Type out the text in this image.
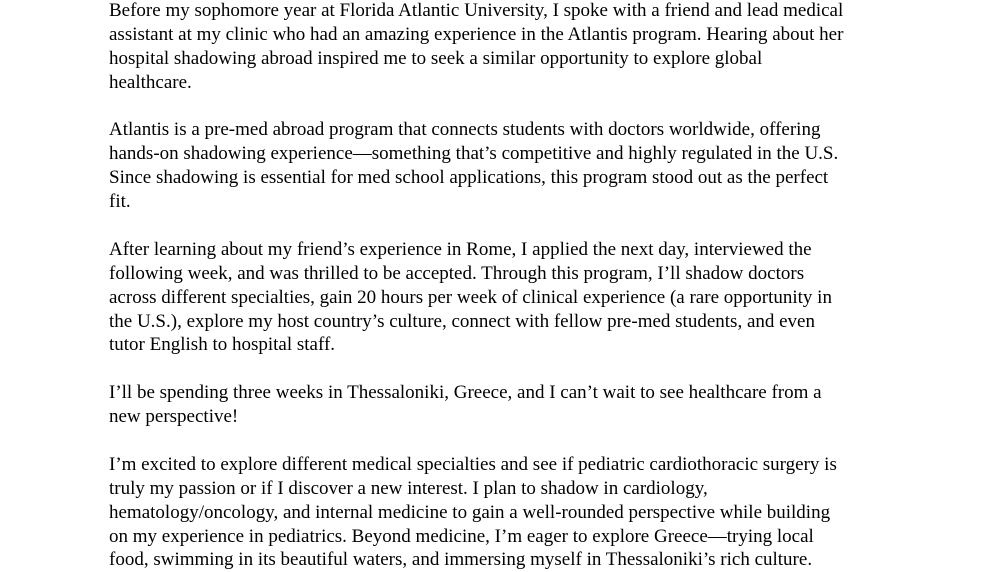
Before my sophomore year at Florida Atlantic University, I spoke with a friend and lead medical
assistant at my clinic who had an amazing experience in the Atlantis program. Hearing about her
hospital shadowing abroad inspired me to seek a similar opportunity to explore global
healthcare.

Atlantis is a pre-med abroad program that connects students with doctors worldwide, offering
hands-on shadowing experience—something that’s competitive and highly regulated in the U.S.
Since shadowing is essential for med school applications, this program stood out as the perfect
fit.

After learning about my friend’s experience in Rome, I applied the next day, interviewed the
following week, and was thrilled to be accepted. Through this program, I’ll shadow doctors
across different specialties, gain 20 hours per week of clinical experience (a rare opportunity in
the U.S.), explore my host country’s culture, connect with fellow pre-med students, and even
tutor English to hospital staff.

I’ll be spending three weeks in Thessaloniki, Greece, and I can’t wait to see healthcare from a
new perspective!

I’m excited to explore different medical specialties and see if pediatric cardiothoracic surgery is
truly my passion or if I discover a new interest. I plan to shadow in cardiology,
hematology/oncology, and internal medicine to gain a well-rounded perspective while building
on my experience in pediatrics. Beyond medicine, I’m eager to explore Greece—trying local
food, swimming in its beautiful waters, and immersing myself in Thessaloniki’s rich culture.
